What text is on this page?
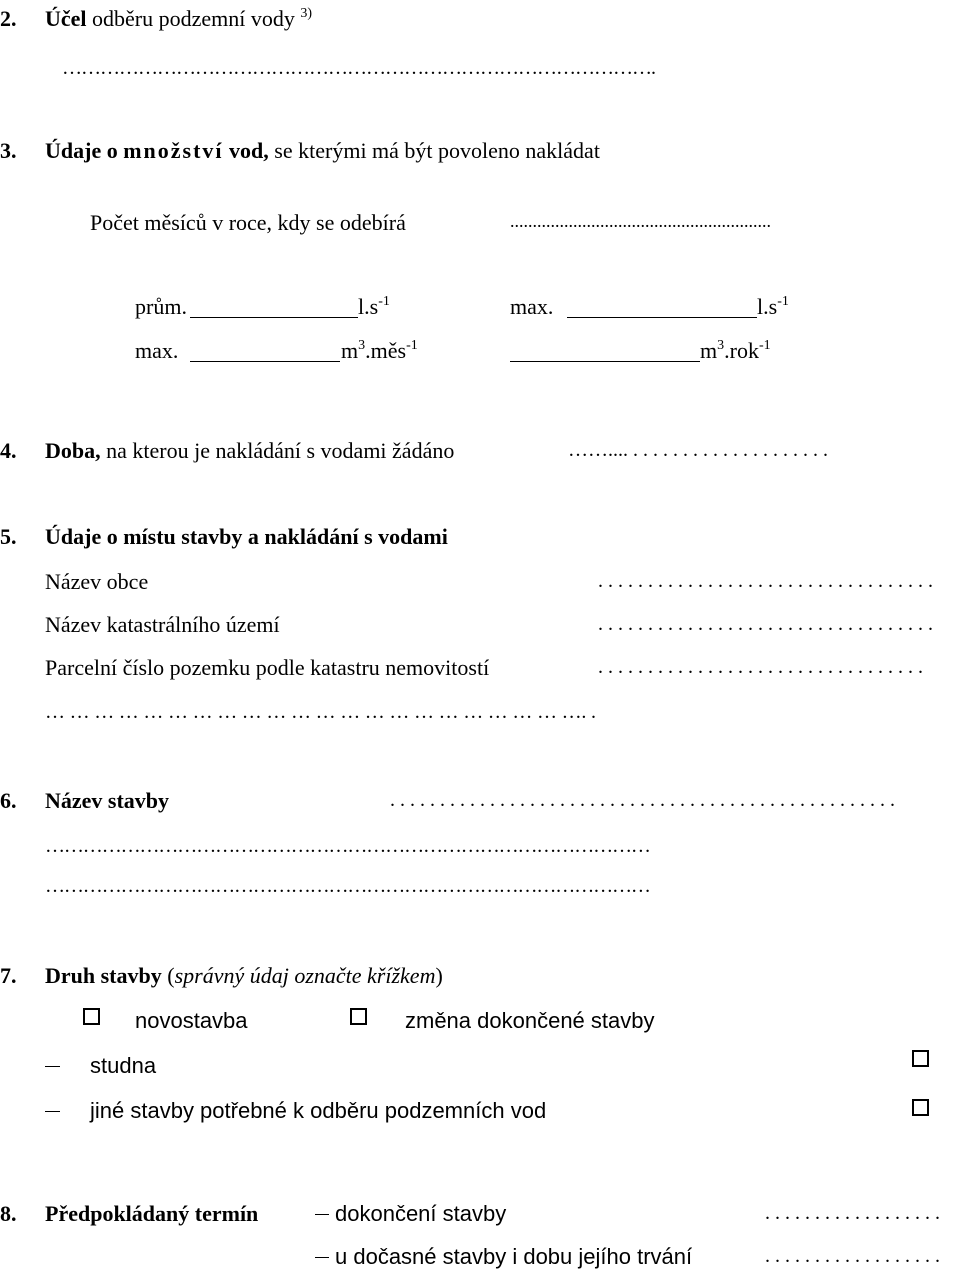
2. Účel odběru podzemní vody $^{3)}$
………………………………………………………………………………….
3. Údaje o množství vod, se kterými má být povoleno nakládat
Počet měsíců v roce, kdy se odebírá	..........................................................
prům.	$l.s^{-1}$	max.	$l.s^{-1}$
max.	$m^3.měs^{-1}$	$m^3.rok^{-1}$
4. Doba, na kterou je nakládání s vodami žádáno	…….... . . . . . . . . . . . . . . . . . . . .
5. Údaje o místu stavby a nakládání s vodami
Název obce	. . . . . . . . . . . . . . . . . . . . . . . . . . . . . . . . . .
Název katastrálního území	. . . . . . . . . . . . . . . . . . . . . . . . . . . . . . . . . .
Parcelní číslo pozemku podle katastru nemovitostí	. . . . . . . . . . . . . . . . . . . . . . . . . . . . . . . . .
… … … … … … … … … … … … … … … … … … … … … …. .
6. Název stavby	. . . . . . . . . . . . . . . . . . . . . . . . . . . . . . . . . . . . . . . . . . . . . . . . . . .
……………………………………………………………………………………
……………………………………………………………………………………
7. Druh stavby (správný údaj označte křížkem)
novostavba	změna dokončené stavby
studna
jiné stavby potřebné k odběru podzemních vod
8. Předpokládaný termín	dokončení stavby	. . . . . . . . . . . . . . . . . .
u dočasné stavby i dobu jejího trvání	. . . . . . . . . . . . . . . . . .
